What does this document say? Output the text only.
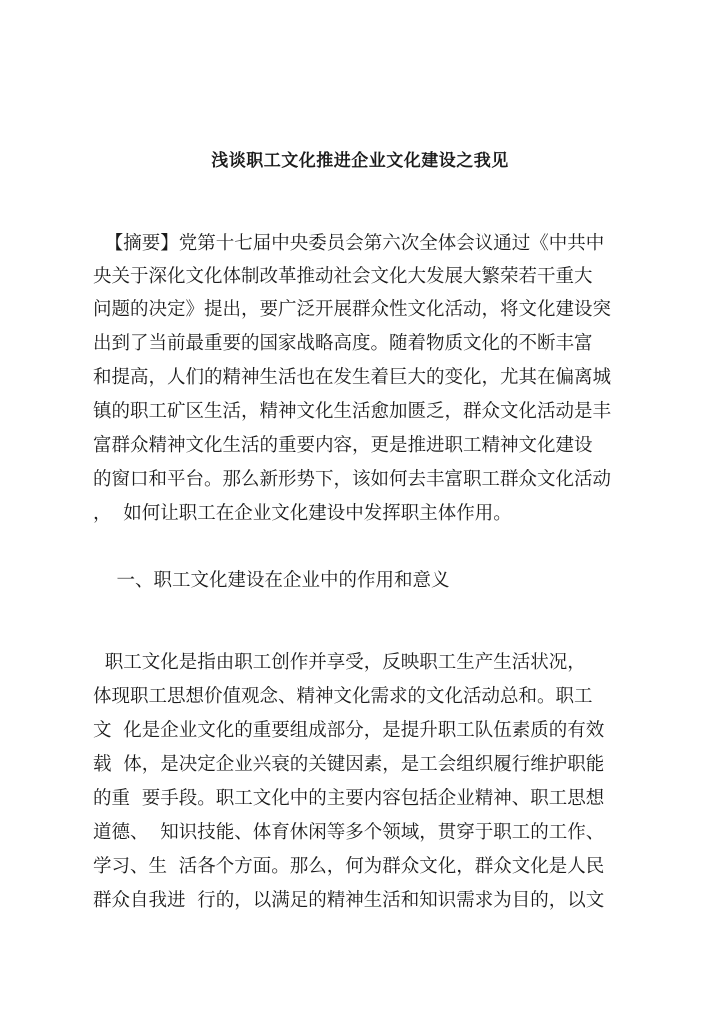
浅谈职工文化推进企业文化建设之我见
【摘要】党第十七届中央委员会第六次全体会议通过《中共中
央关于深化文化体制改革推动社会文化大发展大繁荣若干重大
问题的决定》提出，要广泛开展群众性文化活动，将文化建设突
出到了当前最重要的国家战略高度。随着物质文化的不断丰富
和提高，人们的精神生活也在发生着巨大的变化，尤其在偏离城
镇的职工矿区生活，精神文化生活愈加匮乏，群众文化活动是丰
富群众精神文化生活的重要内容，更是推进职工精神文化建设
的窗口和平台。那么新形势下，该如何去丰富职工群众文化活动
，  如何让职工在企业文化建设中发挥职主体作用。
一、职工文化建设在企业中的作用和意义
职工文化是指由职工创作并享受，反映职工生产生活状况，
体现职工思想价值观念、精神文化需求的文化活动总和。职工
文  化是企业文化的重要组成部分，是提升职工队伍素质的有效
载  体，是决定企业兴衰的关键因素，是工会组织履行维护职能
的重  要手段。职工文化中的主要内容包括企业精神、职工思想
道德、  知识技能、体育休闲等多个领域，贯穿于职工的工作、
学习、生  活各个方面。那么，何为群众文化，群众文化是人民
群众自我进  行的，以满足的精神生活和知识需求为目的，以文
